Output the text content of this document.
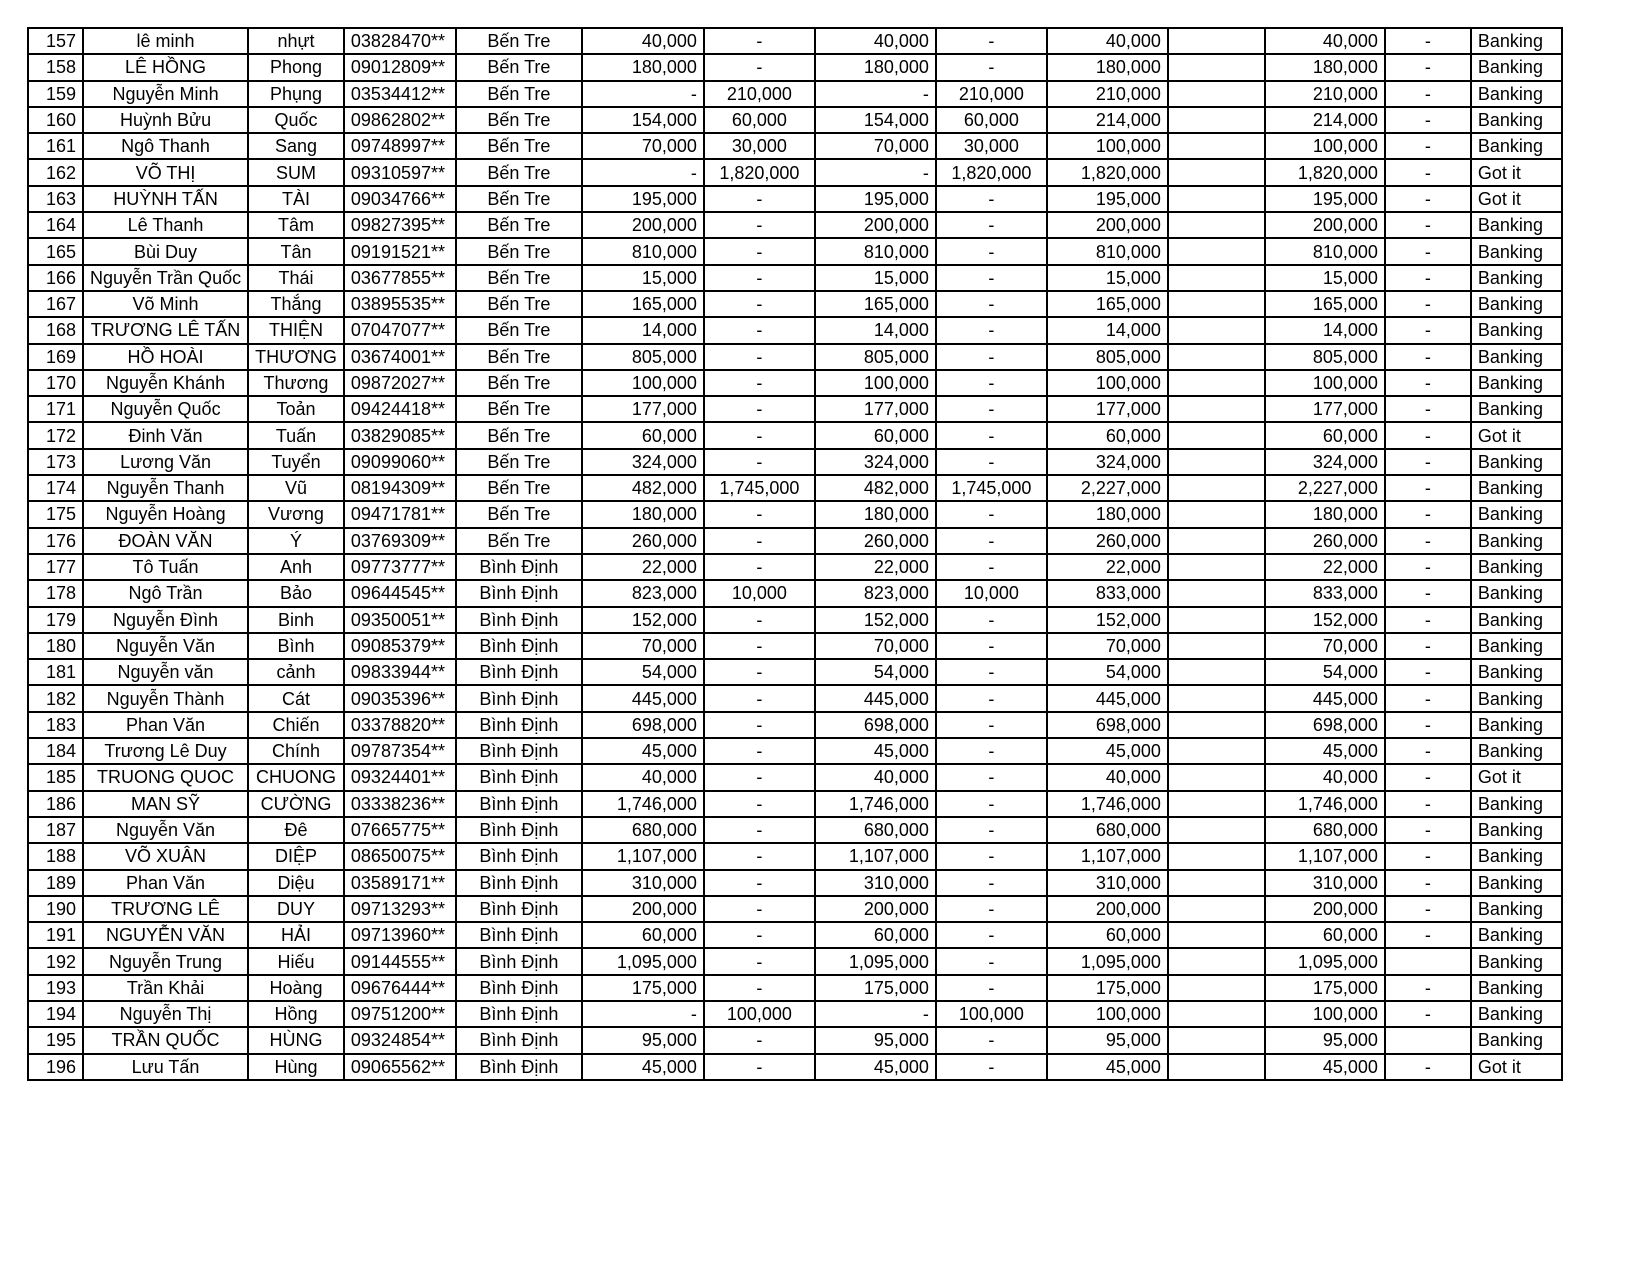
157	lê minh	nhựt	03828470**	Bến Tre	40,000	-	40,000	-	40,000		40,000	-	Banking
158	LÊ HỒNG	Phong	09012809**	Bến Tre	180,000	-	180,000	-	180,000		180,000	-	Banking
159	Nguyễn Minh	Phụng	03534412**	Bến Tre	-	210,000	-	210,000	210,000		210,000	-	Banking
160	Huỳnh Bửu	Quốc	09862802**	Bến Tre	154,000	60,000	154,000	60,000	214,000		214,000	-	Banking
161	Ngô Thanh	Sang	09748997**	Bến Tre	70,000	30,000	70,000	30,000	100,000		100,000	-	Banking
162	VÕ THỊ	SUM	09310597**	Bến Tre	-	1,820,000	-	1,820,000	1,820,000		1,820,000	-	Got it
163	HUỲNH TẤN	TÀI	09034766**	Bến Tre	195,000	-	195,000	-	195,000		195,000	-	Got it
164	Lê Thanh	Tâm	09827395**	Bến Tre	200,000	-	200,000	-	200,000		200,000	-	Banking
165	Bùi Duy	Tân	09191521**	Bến Tre	810,000	-	810,000	-	810,000		810,000	-	Banking
166	Nguyễn Trần Quốc	Thái	03677855**	Bến Tre	15,000	-	15,000	-	15,000		15,000	-	Banking
167	Võ Minh	Thắng	03895535**	Bến Tre	165,000	-	165,000	-	165,000		165,000	-	Banking
168	TRƯƠNG LÊ TẤN	THIỆN	07047077**	Bến Tre	14,000	-	14,000	-	14,000		14,000	-	Banking
169	HỒ HOÀI	THƯƠNG	03674001**	Bến Tre	805,000	-	805,000	-	805,000		805,000	-	Banking
170	Nguyễn Khánh	Thương	09872027**	Bến Tre	100,000	-	100,000	-	100,000		100,000	-	Banking
171	Nguyễn Quốc	Toản	09424418**	Bến Tre	177,000	-	177,000	-	177,000		177,000	-	Banking
172	Đinh Văn	Tuấn	03829085**	Bến Tre	60,000	-	60,000	-	60,000		60,000	-	Got it
173	Lương Văn	Tuyển	09099060**	Bến Tre	324,000	-	324,000	-	324,000		324,000	-	Banking
174	Nguyễn Thanh	Vũ	08194309**	Bến Tre	482,000	1,745,000	482,000	1,745,000	2,227,000		2,227,000	-	Banking
175	Nguyễn Hoàng	Vương	09471781**	Bến Tre	180,000	-	180,000	-	180,000		180,000	-	Banking
176	ĐOÀN VĂN	Ý	03769309**	Bến Tre	260,000	-	260,000	-	260,000		260,000	-	Banking
177	Tô Tuấn	Anh	09773777**	Bình Định	22,000	-	22,000	-	22,000		22,000	-	Banking
178	Ngô Trần	Bảo	09644545**	Bình Định	823,000	10,000	823,000	10,000	833,000		833,000	-	Banking
179	Nguyễn Đình	Binh	09350051**	Bình Định	152,000	-	152,000	-	152,000		152,000	-	Banking
180	Nguyễn Văn	Bình	09085379**	Bình Định	70,000	-	70,000	-	70,000		70,000	-	Banking
181	Nguyễn văn	cảnh	09833944**	Bình Định	54,000	-	54,000	-	54,000		54,000	-	Banking
182	Nguyễn Thành	Cát	09035396**	Bình Định	445,000	-	445,000	-	445,000		445,000	-	Banking
183	Phan Văn	Chiến	03378820**	Bình Định	698,000	-	698,000	-	698,000		698,000	-	Banking
184	Trương Lê Duy	Chính	09787354**	Bình Định	45,000	-	45,000	-	45,000		45,000	-	Banking
185	TRUONG QUOC	CHUONG	09324401**	Bình Định	40,000	-	40,000	-	40,000		40,000	-	Got it
186	MAN SỸ	CƯỜNG	03338236**	Bình Định	1,746,000	-	1,746,000	-	1,746,000		1,746,000	-	Banking
187	Nguyễn Văn	Đê	07665775**	Bình Định	680,000	-	680,000	-	680,000		680,000	-	Banking
188	VÕ XUÂN	DIỆP	08650075**	Bình Định	1,107,000	-	1,107,000	-	1,107,000		1,107,000	-	Banking
189	Phan Văn	Diệu	03589171**	Bình Định	310,000	-	310,000	-	310,000		310,000	-	Banking
190	TRƯƠNG LÊ	DUY	09713293**	Bình Định	200,000	-	200,000	-	200,000		200,000	-	Banking
191	NGUYỄN VĂN	HẢI	09713960**	Bình Định	60,000	-	60,000	-	60,000		60,000	-	Banking
192	Nguyễn Trung	Hiếu	09144555**	Bình Định	1,095,000	-	1,095,000	-	1,095,000		1,095,000		Banking
193	Trần Khải	Hoàng	09676444**	Bình Định	175,000	-	175,000	-	175,000		175,000	-	Banking
194	Nguyễn Thị	Hồng	09751200**	Bình Định	-	100,000	-	100,000	100,000		100,000	-	Banking
195	TRẦN QUỐC	HÙNG	09324854**	Bình Định	95,000	-	95,000	-	95,000		95,000		Banking
196	Lưu Tấn	Hùng	09065562**	Bình Định	45,000	-	45,000	-	45,000		45,000	-	Got it
